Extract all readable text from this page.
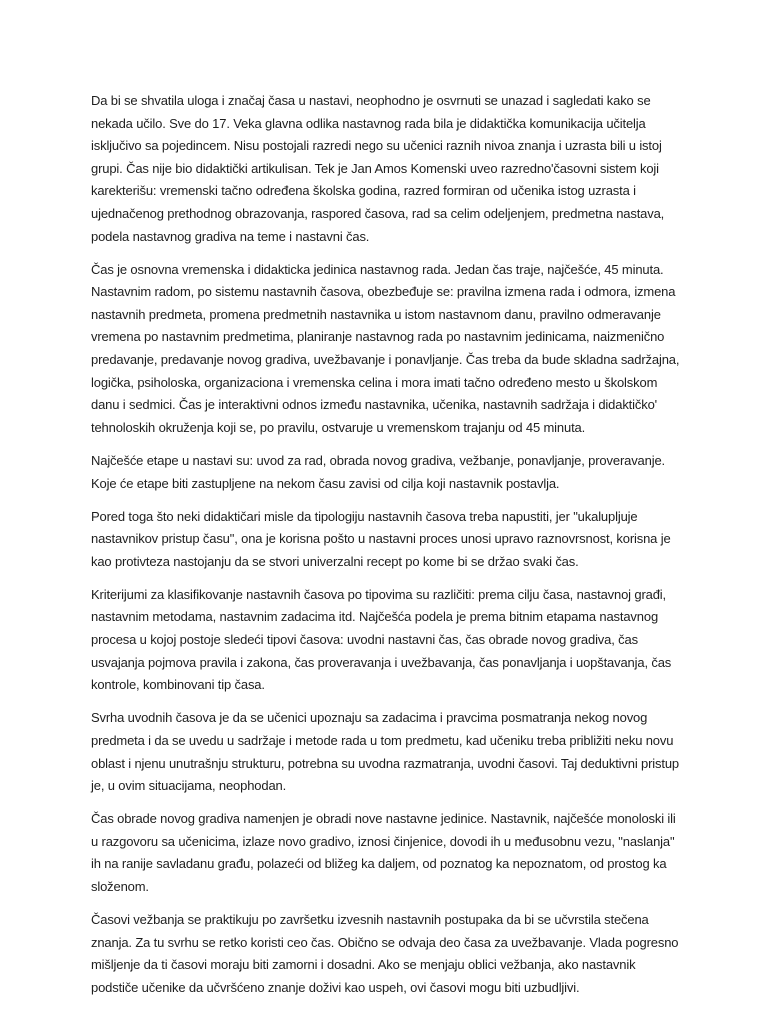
Da bi se shvatila uloga i značaj časa u nastavi, neophodno je osvrnuti se unazad i sagledati kako se nekada učilo. Sve do 17. Veka glavna odlika nastavnog rada bila je didaktička komunikacija učitelja isključivo sa pojedincem. Nisu postojali razredi nego su učenici raznih nivoa znanja i uzrasta bili u istoj grupi. Čas nije bio didaktički artikulisan. Tek je Jan Amos Komenski uveo razredno'časovni sistem koji karekterišu: vremenski tačno određena školska godina, razred formiran od učenika istog uzrasta i ujednačenog prethodnog obrazovanja, raspored časova, rad sa celim odeljenjem, predmetna nastava, podela nastavnog gradiva na teme i nastavni čas.

Čas je osnovna vremenska i didakticka jedinica nastavnog rada. Jedan čas traje, najčešće, 45 minuta. Nastavnim radom, po sistemu nastavnih časova, obezbeđuje se: pravilna izmena rada i odmora, izmena nastavnih predmeta, promena predmetnih nastavnika u istom nastavnom danu, pravilno odmeravanje vremena po nastavnim predmetima, planiranje nastavnog rada po nastavnim jedinicama, naizmenično predavanje, predavanje novog gradiva, uvežbavanje i ponavljanje. Čas treba da bude skladna sadržajna, logička, psiholoska, organizaciona i vremenska celina i mora imati tačno određeno mesto u školskom danu i sedmici. Čas je interaktivni odnos između nastavnika, učenika, nastavnih sadržaja i didaktičko' tehnoloskih okruženja koji se, po pravilu, ostvaruje u vremenskom trajanju od 45 minuta.

Najčešće etape u nastavi su: uvod za rad, obrada novog gradiva, vežbanje, ponavljanje, proveravanje. Koje će etape biti zastupljene na nekom času zavisi od cilja koji nastavnik postavlja.

Pored toga što neki didaktičari misle da tipologiju nastavnih časova treba napustiti, jer "ukalupljuje nastavnikov pristup času", ona je korisna pošto u nastavni proces unosi upravo raznovrsnost, korisna je kao protivteza nastojanju da se stvori univerzalni recept po kome bi se držao svaki čas.

Kriterijumi za klasifikovanje nastavnih časova po tipovima su različiti: prema cilju časa, nastavnoj građi, nastavnim metodama, nastavnim zadacima itd. Najčešća podela je prema bitnim etapama nastavnog procesa u kojoj postoje sledeći tipovi časova: uvodni nastavni čas, čas obrade novog gradiva, čas usvajanja pojmova pravila i zakona, čas proveravanja i uvežbavanja, čas ponavljanja i uopštavanja, čas kontrole, kombinovani tip časa.

Svrha uvodnih časova je da se učenici upoznaju sa zadacima i pravcima posmatranja nekog novog predmeta i da se uvedu u sadržaje i metode rada u tom predmetu, kad učeniku treba približiti neku novu oblast i njenu unutrašnju strukturu, potrebna su uvodna razmatranja, uvodni časovi. Taj deduktivni pristup je, u ovim situacijama, neophodan.

Čas obrade novog gradiva namenjen je obradi nove nastavne jedinice. Nastavnik, najčešće monoloski ili u razgovoru sa učenicima, izlaze novo gradivo, iznosi činjenice, dovodi ih u međusobnu vezu, "naslanja" ih na ranije savladanu građu, polazeći od bližeg ka daljem, od poznatog ka nepoznatom, od prostog ka složenom.

Časovi vežbanja se praktikuju po završetku izvesnih nastavnih postupaka da bi se učvrstila stečena znanja. Za tu svrhu se retko koristi ceo čas. Obično se odvaja deo časa za uvežbavanje. Vlada pogresno mišljenje da ti časovi moraju biti zamorni i dosadni. Ako se menjaju oblici vežbanja, ako nastavnik podstiče učenike da učvršćeno znanje doživi kao uspeh, ovi časovi mogu biti uzbudljivi.
